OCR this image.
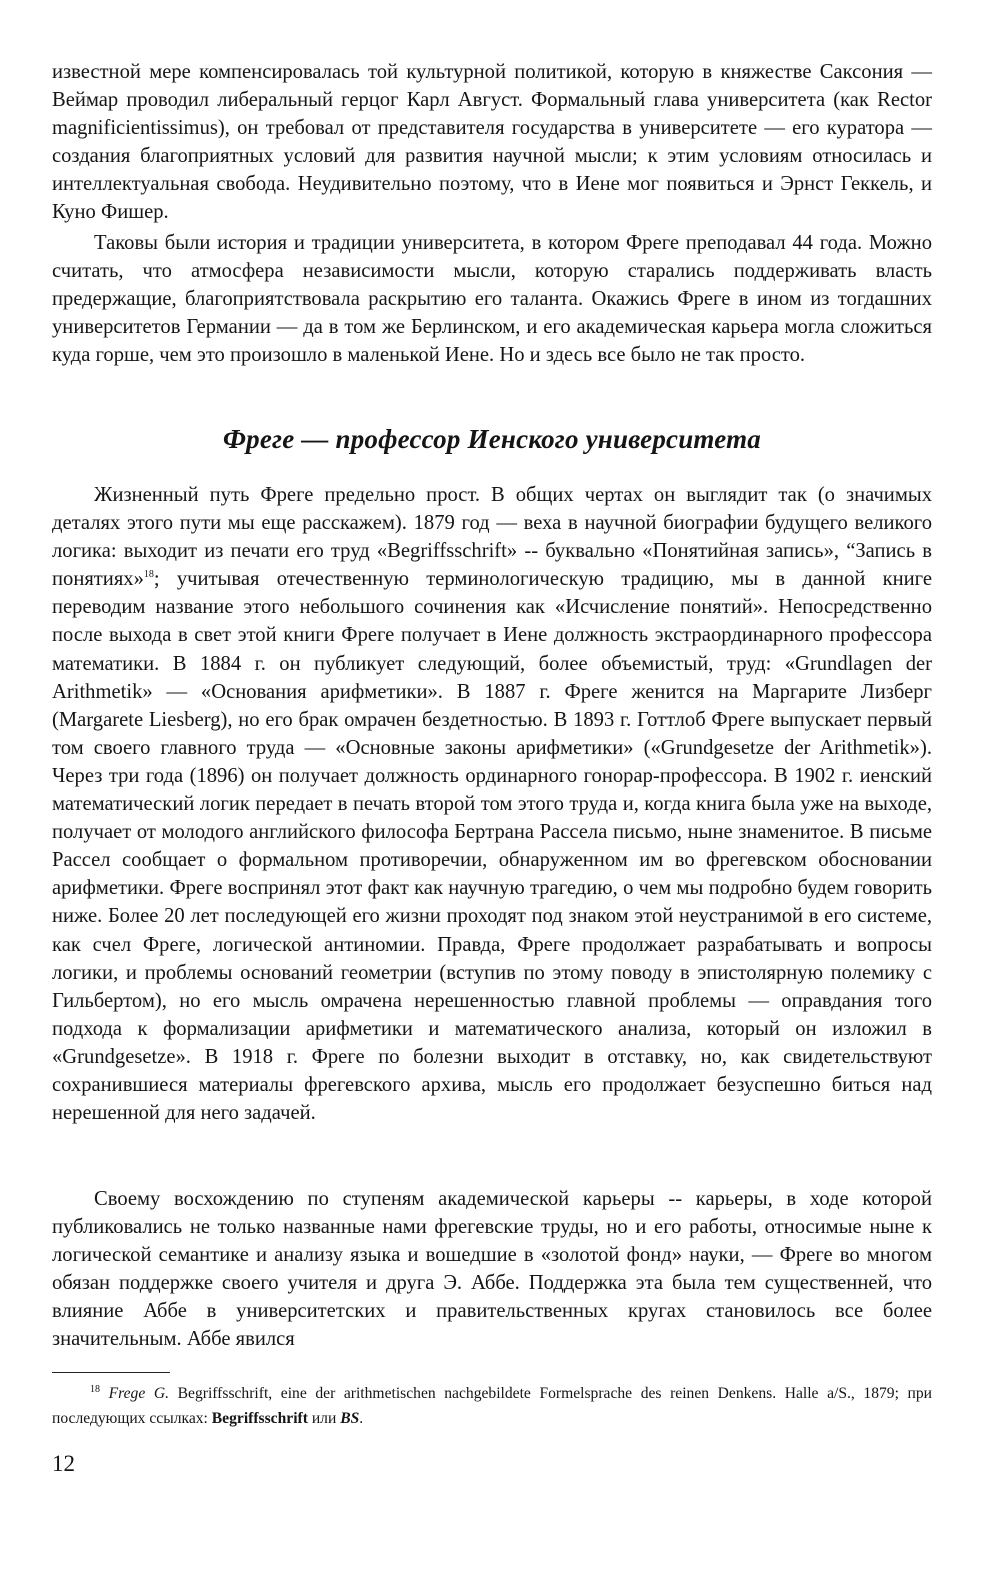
известной мере компенсировалась той культурной политикой, которую в княжестве Саксония — Веймар проводил либеральный герцог Карл Август. Формальный глава университета (как Rector magnificientissimus), он требовал от представителя государства в университете — его куратора — создания благоприятных условий для развития научной мысли; к этим условиям относилась и интеллектуальная свобода. Неудивительно поэтому, что в Иене мог появиться и Эрнст Геккель, и Куно Фишер.

Таковы были история и традиции университета, в котором Фреге преподавал 44 года. Можно считать, что атмосфера независимости мысли, которую старались поддерживать власть предержащие, благоприятствовала раскрытию его таланта. Окажись Фреге в ином из тогдашних университетов Германии — да в том же Берлинском, и его академическая карьера могла сложиться куда горше, чем это произошло в маленькой Иене. Но и здесь все было не так просто.

Фреге — профессор Иенского университета

Жизненный путь Фреге предельно прост. В общих чертах он выглядит так (о значимых деталях этого пути мы еще расскажем). 1879 год — веха в научной биографии будущего великого логика: выходит из печати его труд «Begriffsschrift» -- буквально «Понятийная запись», “Запись в понятиях»$^{18}$; учитывая отечественную терминологическую традицию, мы в данной книге переводим название этого небольшого сочинения как «Исчисление понятий». Непосредственно после выхода в свет этой книги Фреге получает в Иене должность экстраординарного профессора математики. В 1884 г. он публикует следующий, более объемистый, труд: «Grundlagen der Arithmetik» — «Основания арифметики». В 1887 г. Фреге женится на Маргарите Лизберг (Margarete Liesberg), но его брак омрачен бездетностью. В 1893 г. Готтлоб Фреге выпускает первый том своего главного труда — «Основные законы арифметики» («Grundgesetze der Arithmetik»). Через три года (1896) он получает должность ординарного гонорар-профессора. В 1902 г. иенский математический логик передает в печать второй том этого труда и, когда книга была уже на выходе, получает от молодого английского философа Бертрана Рассела письмо, ныне знаменитое. В письме Рассел сообщает о формальном противоречии, обнаруженном им во фрегевском обосновании арифметики. Фреге воспринял этот факт как научную трагедию, о чем мы подробно будем говорить ниже. Более 20 лет последующей его жизни проходят под знаком этой неустранимой в его системе, как счел Фреге, логической антиномии. Правда, Фреге продолжает разрабатывать и вопросы логики, и проблемы оснований геометрии (вступив по этому поводу в эпистолярную полемику с Гильбертом), но его мысль омрачена нерешенностью главной проблемы — оправдания того подхода к формализации арифметики и математического анализа, который он изложил в «Grundgesetze». В 1918 г. Фреге по болезни выходит в отставку, но, как свидетельствуют сохранившиеся материалы фрегевского архива, мысль его продолжает безуспешно биться над нерешенной для него задачей.

Своему восхождению по ступеням академической карьеры -- карьеры, в ходе которой публиковались не только названные нами фрегевские труды, но и его работы, относимые ныне к логической семантике и анализу языка и вошедшие в «золотой фонд» науки, — Фреге во многом обязан поддержке своего учителя и друга Э. Аббе. Поддержка эта была тем существенней, что влияние Аббе в университетских и правительственных кругах становилось все более значительным. Аббе явился

$^{18}$ Frege G. Begriffsschrift, eine der arithmetischen nachgebildete Formelsprache des reinen Denkens. Halle a/S., 1879; при последующих ссылках: Begriffsschrift или BS.

12
